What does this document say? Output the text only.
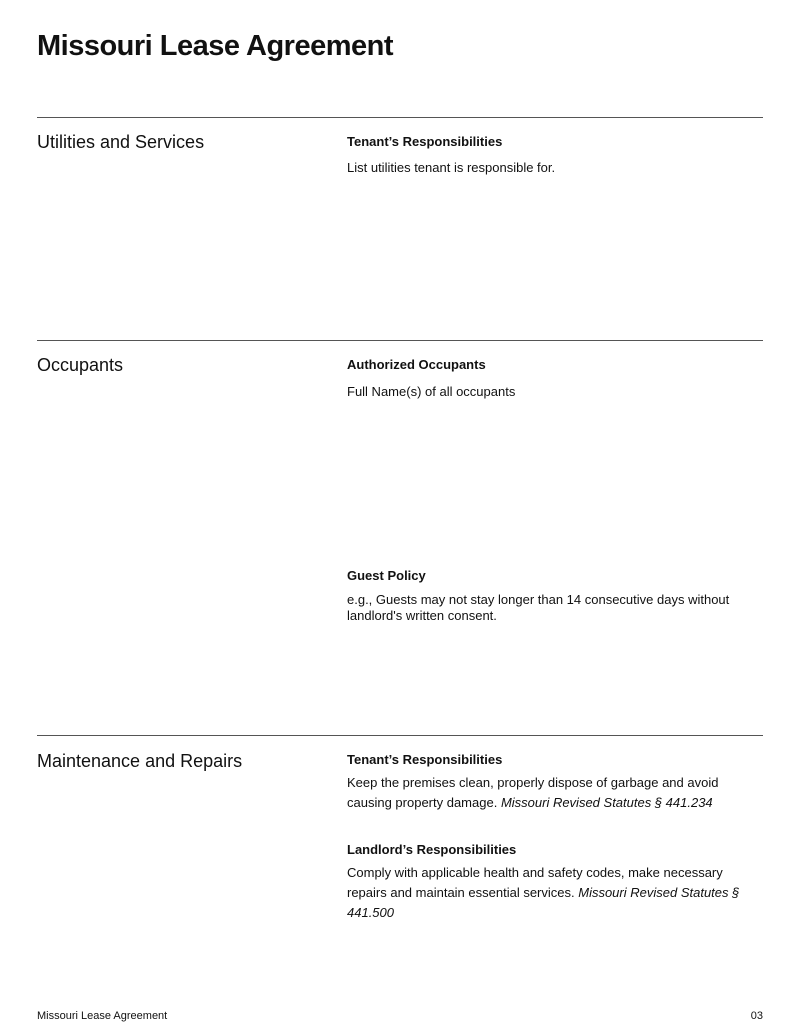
Missouri Lease Agreement
Utilities and Services	Tenant’s Responsibilities
List utilities tenant is responsible for.
Occupants	Authorized Occupants
Full Name(s) of all occupants
Guest Policy
e.g., Guests may not stay longer than 14 consecutive days without landlord's written consent.
Maintenance and Repairs	Tenant’s Responsibilities
Keep the premises clean, properly dispose of garbage and avoid causing property damage. Missouri Revised Statutes § 441.234
Landlord’s Responsibilities
Comply with applicable health and safety codes, make necessary repairs and maintain essential services. Missouri Revised Statutes § 441.500
Missouri Lease Agreement	03
